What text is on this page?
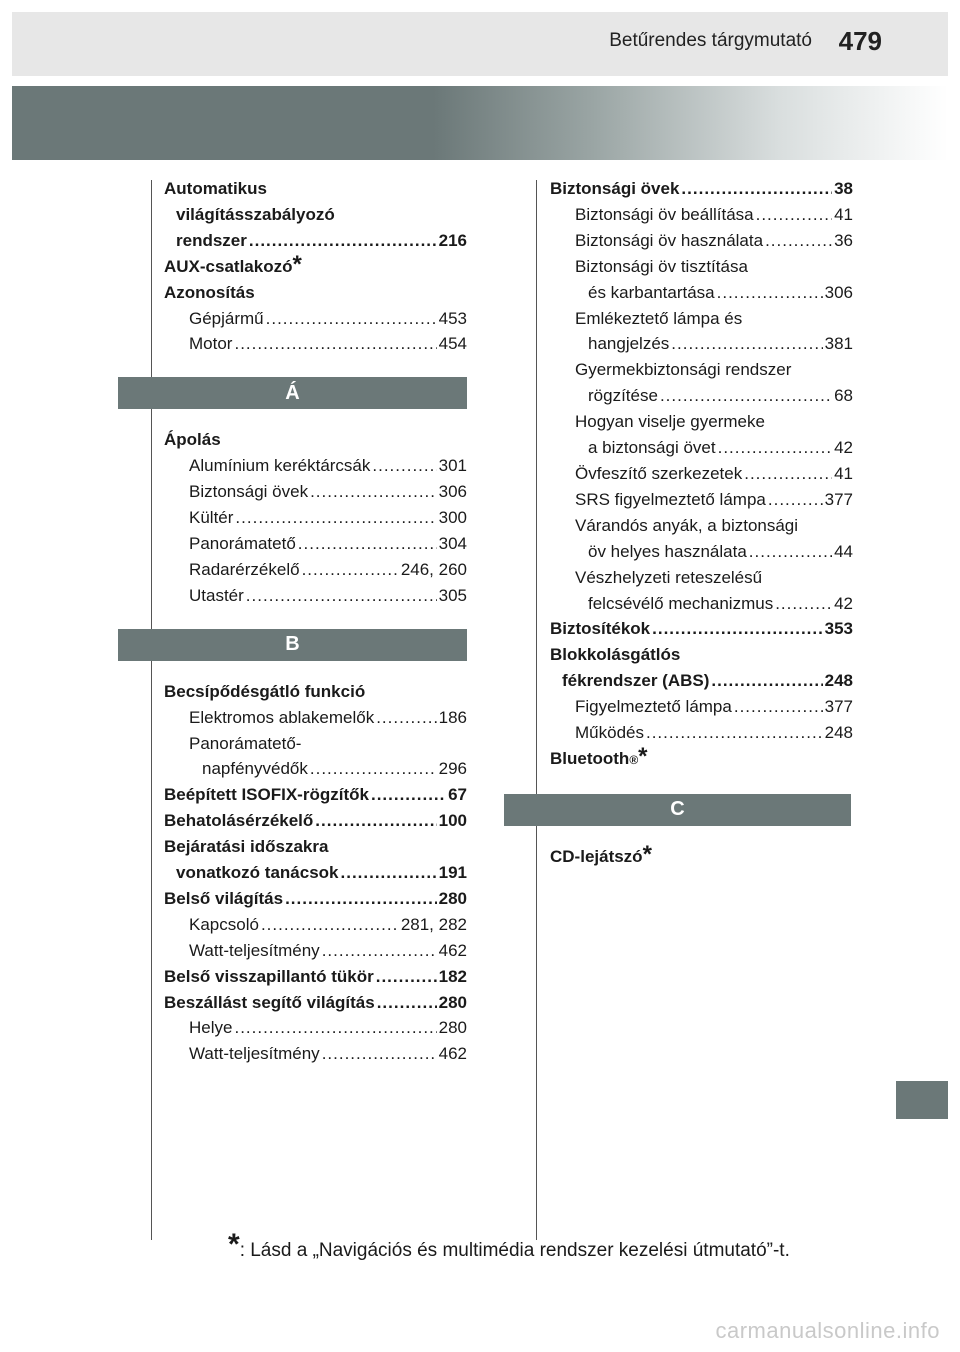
Betűrendes tárgymutató 479
Automatikus
világításszabályozó
rendszer .....	216
AUX-csatlakozó *
Azonosítás
Gépjármű .....	453
Motor .....	454
Á
Ápolás
Alumínium keréktárcsák .....	301
Biztonsági övek .....	306
Kültér .....	300
Panorámatető .....	304
Radarérzékelő .....	246, 260
Utastér .....	305
B
Becsípődésgátló funkció
Elektromos ablakemelők .....	186
Panorámatető-
napfényvédők .....	296
Beépített ISOFIX-rögzítők .....	67
Behatolásérzékelő .....	100
Bejáratási időszakra
vonatkozó tanácsok .....	191
Belső világítás .....	280
Kapcsoló .....	281, 282
Watt-teljesítmény .....	462
Belső visszapillantó tükör .....	182
Beszállást segítő világítás .....	280
Helye .....	280
Watt-teljesítmény .....	462
Biztonsági övek .....	38
Biztonsági öv beállítása .....	41
Biztonsági öv használata .....	36
Biztonsági öv tisztítása
és karbantartása .....	306
Emlékeztető lámpa és
hangjelzés .....	381
Gyermekbiztonsági rendszer
rögzítése .....	68
Hogyan viselje gyermeke
a biztonsági övet .....	42
Övfeszítő szerkezetek .....	41
SRS figyelmeztető lámpa .....	377
Várandós anyák, a biztonsági
öv helyes használata .....	44
Vészhelyzeti reteszelésű
felcsévélő mechanizmus .....	42
Biztosítékok .....	353
Blokkolásgátlós
fékrendszer (ABS) .....	248
Figyelmeztető lámpa .....	377
Működés .....	248
Bluetooth ® *
C
CD-lejátszó *
*: Lásd a „Navigációs és multimédia rendszer kezelési útmutató”-t.
carmanualsonline.info
